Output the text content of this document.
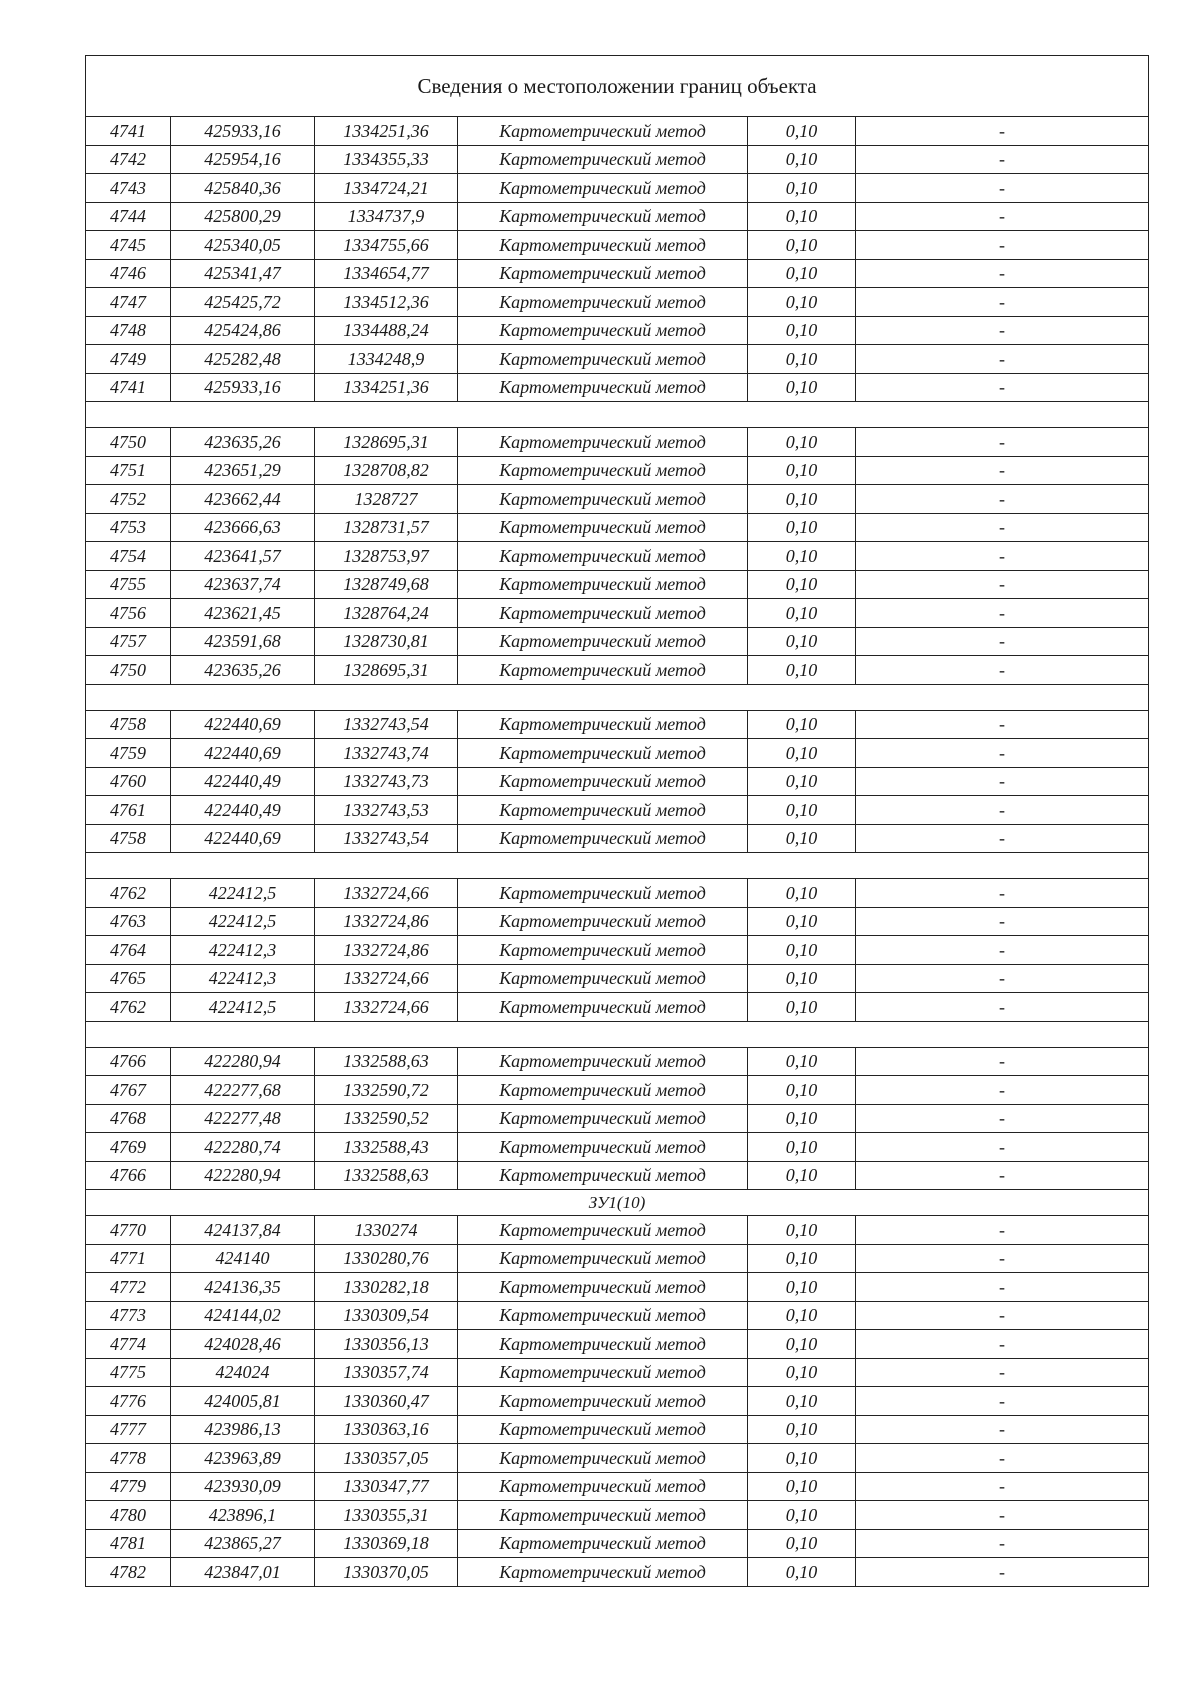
Сведения о местоположении границ объекта					
4741	425933,16	1334251,36	Картометрический метод	0,10	-
4742	425954,16	1334355,33	Картометрический метод	0,10	-
4743	425840,36	1334724,21	Картометрический метод	0,10	-
4744	425800,29	1334737,9	Картометрический метод	0,10	-
4745	425340,05	1334755,66	Картометрический метод	0,10	-
4746	425341,47	1334654,77	Картометрический метод	0,10	-
4747	425425,72	1334512,36	Картометрический метод	0,10	-
4748	425424,86	1334488,24	Картометрический метод	0,10	-
4749	425282,48	1334248,9	Картометрический метод	0,10	-
4741	425933,16	1334251,36	Картометрический метод	0,10	-

4750	423635,26	1328695,31	Картометрический метод	0,10	-
4751	423651,29	1328708,82	Картометрический метод	0,10	-
4752	423662,44	1328727	Картометрический метод	0,10	-
4753	423666,63	1328731,57	Картометрический метод	0,10	-
4754	423641,57	1328753,97	Картометрический метод	0,10	-
4755	423637,74	1328749,68	Картометрический метод	0,10	-
4756	423621,45	1328764,24	Картометрический метод	0,10	-
4757	423591,68	1328730,81	Картометрический метод	0,10	-
4750	423635,26	1328695,31	Картометрический метод	0,10	-

4758	422440,69	1332743,54	Картометрический метод	0,10	-
4759	422440,69	1332743,74	Картометрический метод	0,10	-
4760	422440,49	1332743,73	Картометрический метод	0,10	-
4761	422440,49	1332743,53	Картометрический метод	0,10	-
4758	422440,69	1332743,54	Картометрический метод	0,10	-

4762	422412,5	1332724,66	Картометрический метод	0,10	-
4763	422412,5	1332724,86	Картометрический метод	0,10	-
4764	422412,3	1332724,86	Картометрический метод	0,10	-
4765	422412,3	1332724,66	Картометрический метод	0,10	-
4762	422412,5	1332724,66	Картометрический метод	0,10	-

4766	422280,94	1332588,63	Картометрический метод	0,10	-
4767	422277,68	1332590,72	Картометрический метод	0,10	-
4768	422277,48	1332590,52	Картометрический метод	0,10	-
4769	422280,74	1332588,43	Картометрический метод	0,10	-
4766	422280,94	1332588,63	Картометрический метод	0,10	-
ЗУ1(10)					
4770	424137,84	1330274	Картометрический метод	0,10	-
4771	424140	1330280,76	Картометрический метод	0,10	-
4772	424136,35	1330282,18	Картометрический метод	0,10	-
4773	424144,02	1330309,54	Картометрический метод	0,10	-
4774	424028,46	1330356,13	Картометрический метод	0,10	-
4775	424024	1330357,74	Картометрический метод	0,10	-
4776	424005,81	1330360,47	Картометрический метод	0,10	-
4777	423986,13	1330363,16	Картометрический метод	0,10	-
4778	423963,89	1330357,05	Картометрический метод	0,10	-
4779	423930,09	1330347,77	Картометрический метод	0,10	-
4780	423896,1	1330355,31	Картометрический метод	0,10	-
4781	423865,27	1330369,18	Картометрический метод	0,10	-
4782	423847,01	1330370,05	Картометрический метод	0,10	-
